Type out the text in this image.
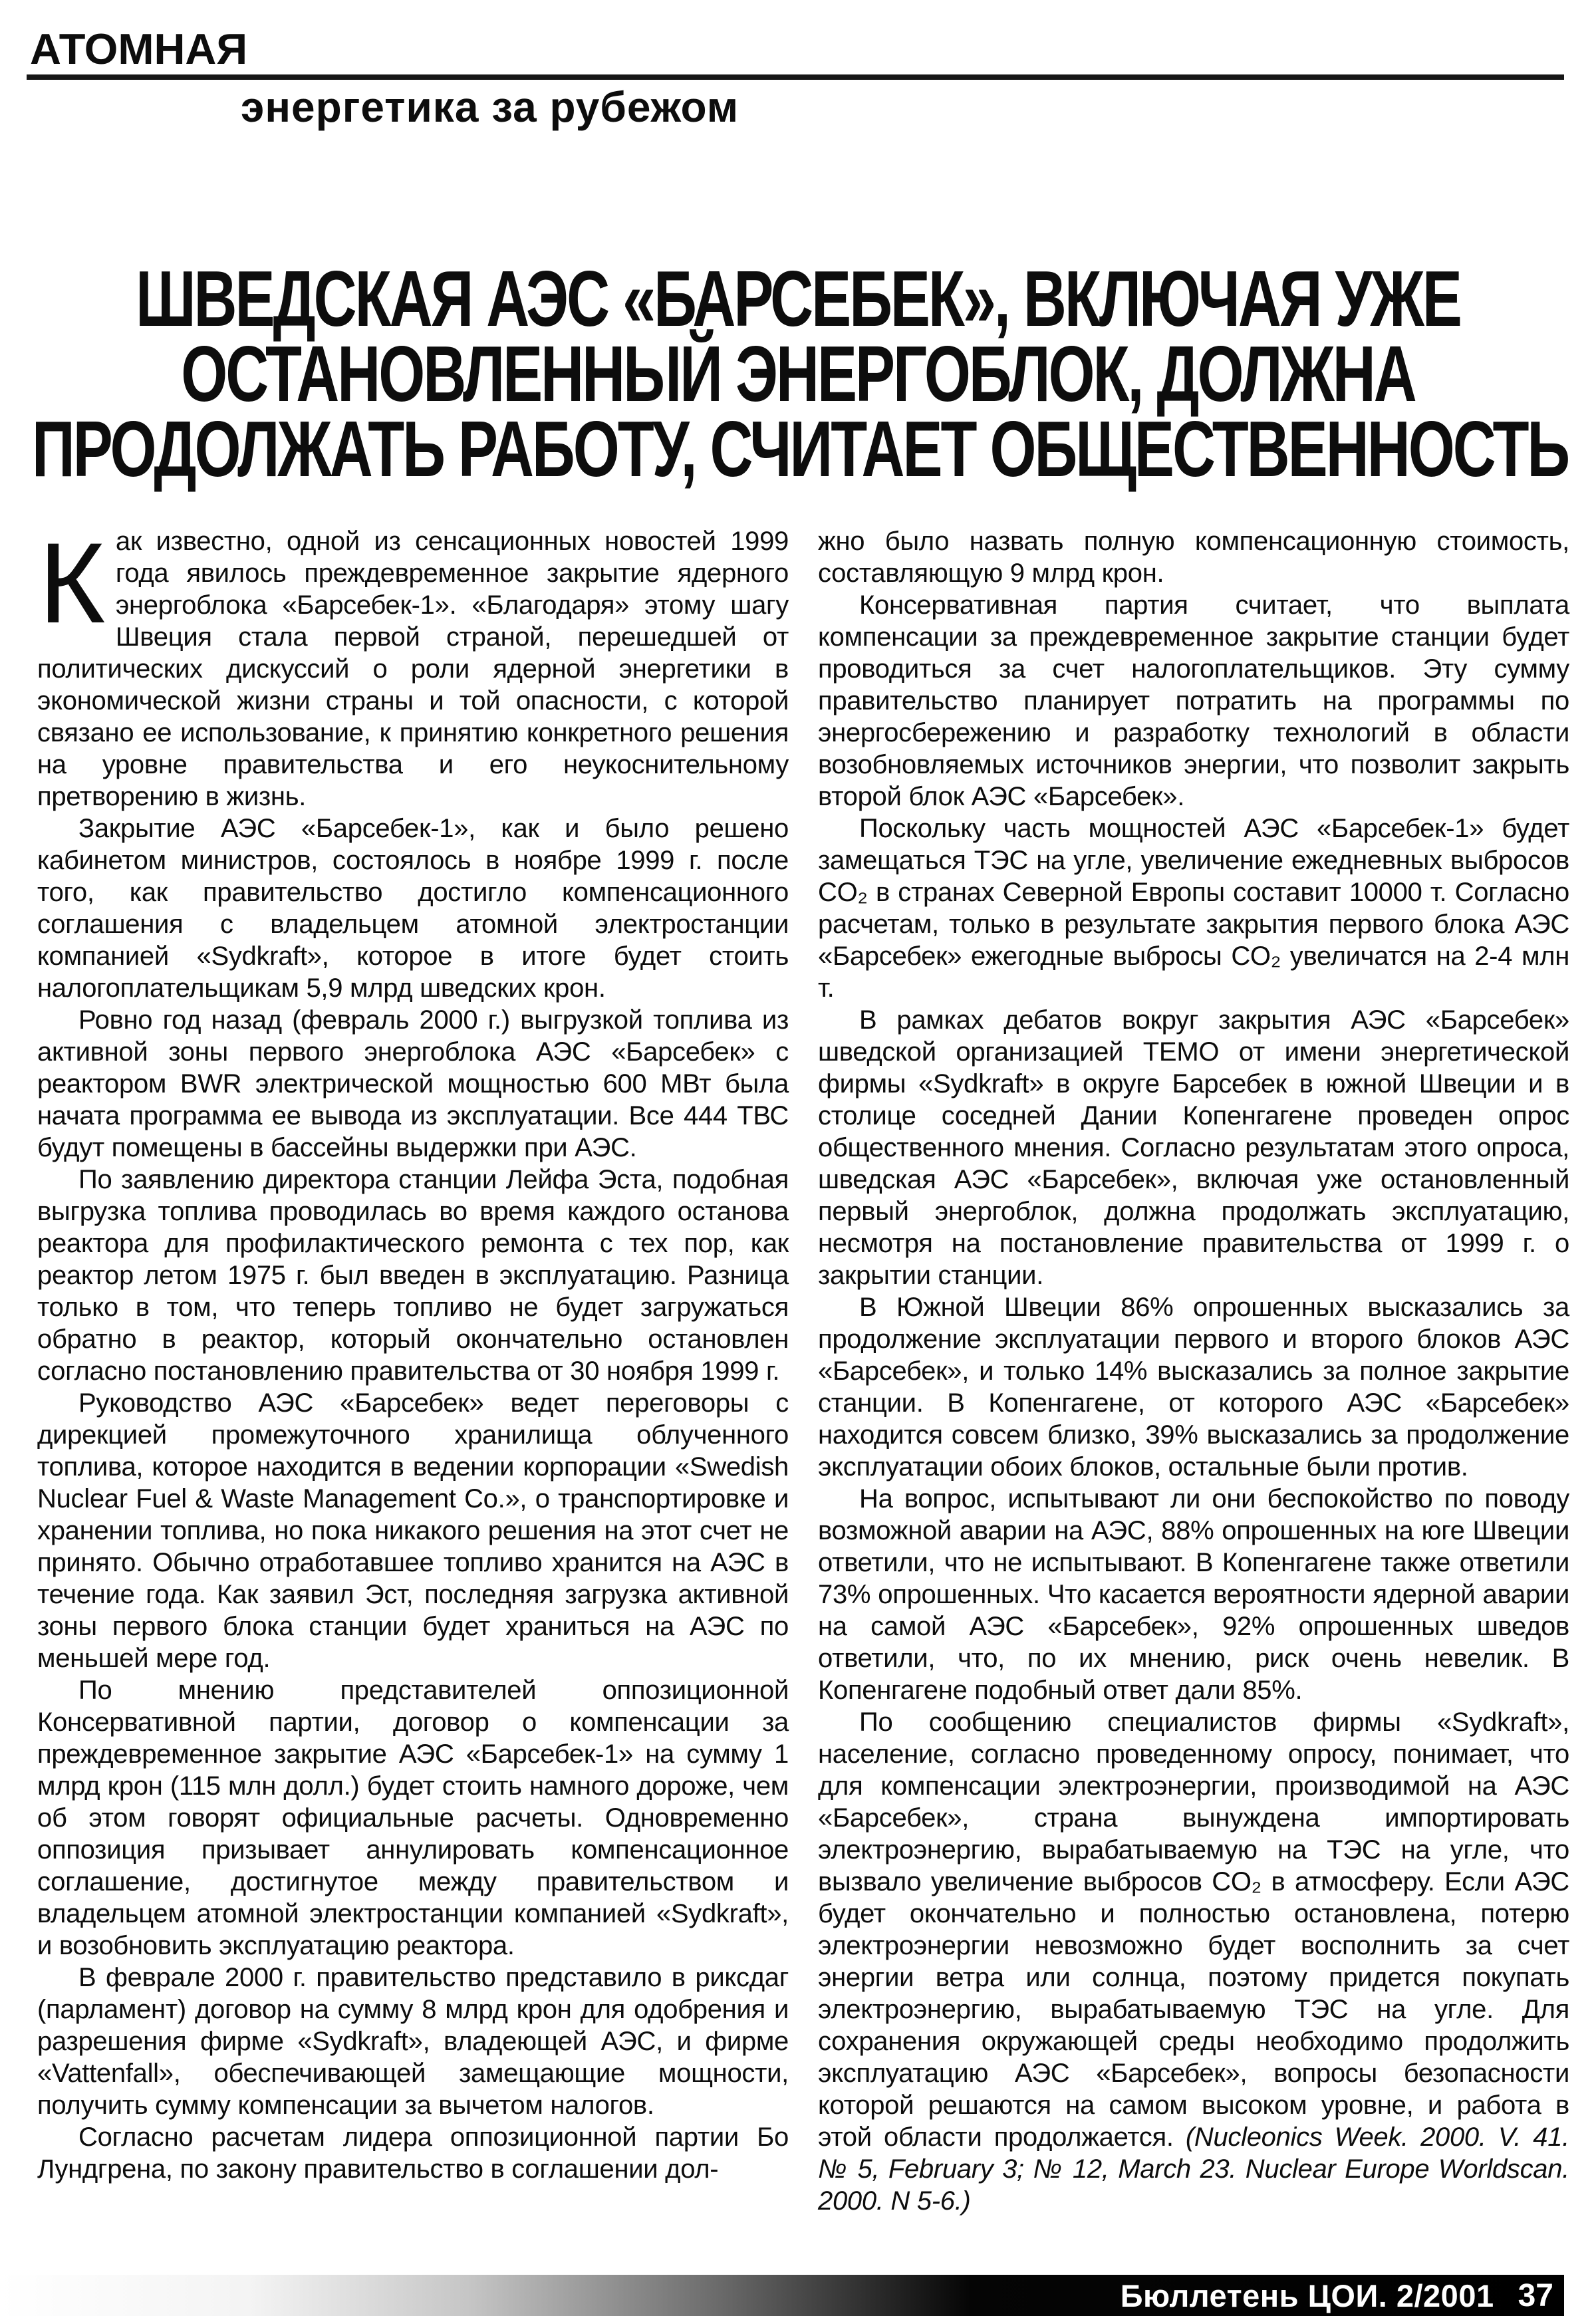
АТОМНАЯ
энергетика за рубежом
ШВЕДСКАЯ АЭС «БАРСЕБЕК», ВКЛЮЧАЯ УЖЕ
ОСТАНОВЛЕННЫЙ ЭНЕРГОБЛОК, ДОЛЖНА
ПРОДОЛЖАТЬ РАБОТУ, СЧИТАЕТ ОБЩЕСТВЕННОСТЬ

Как известно, одной из сенсационных новостей 1999 года явилось преждевременное закрытие ядерного энергоблока «Барсебек-1». «Благодаря» этому шагу Швеция стала первой страной, перешедшей от политических дискуссий о роли ядерной энергетики в экономической жизни страны и той опасности, с которой связано ее использование, к принятию конкретного решения на уровне правительства и его неукоснительному претворению в жизнь.

Закрытие АЭС «Барсебек-1», как и было решено кабинетом министров, состоялось в ноябре 1999 г. после того, как правительство достигло компенсационного соглашения с владельцем атомной электростанции компанией «Sydkraft», которое в итоге будет стоить налогоплательщикам 5,9 млрд шведских крон.

Ровно год назад (февраль 2000 г.) выгрузкой топлива из активной зоны первого энергоблока АЭС «Барсебек» с реактором BWR электрической мощностью 600 МВт была начата программа ее вывода из эксплуатации. Все 444 ТВС будут помещены в бассейны выдержки при АЭС.

По заявлению директора станции Лейфа Эста, подобная выгрузка топлива проводилась во время каждого останова реактора для профилактического ремонта с тех пор, как реактор летом 1975 г. был введен в эксплуатацию. Разница только в том, что теперь топливо не будет загружаться обратно в реактор, который окончательно остановлен согласно постановлению правительства от 30 ноября 1999 г.

Руководство АЭС «Барсебек» ведет переговоры с дирекцией промежуточного хранилища облученного топлива, которое находится в ведении корпорации «Swedish Nuclear Fuel & Waste Management Co.», о транспортировке и хранении топлива, но пока никакого решения на этот счет не принято. Обычно отработавшее топливо хранится на АЭС в течение года. Как заявил Эст, последняя загрузка активной зоны первого блока станции будет храниться на АЭС по меньшей мере год.

По мнению представителей оппозиционной Консервативной партии, договор о компенсации за преждевременное закрытие АЭС «Барсебек-1» на сумму 1 млрд крон (115 млн долл.) будет стоить намного дороже, чем об этом говорят официальные расчеты. Одновременно оппозиция призывает аннулировать компенсационное соглашение, достигнутое между правительством и владельцем атомной электростанции компанией «Sydkraft», и возобновить эксплуатацию реактора.

В феврале 2000 г. правительство представило в риксдаг (парламент) договор на сумму 8 млрд крон для одобрения и разрешения фирме «Sydkraft», владеющей АЭС, и фирме «Vattenfall», обеспечивающей замещающие мощности, получить сумму компенсации за вычетом налогов.

Согласно расчетам лидера оппозиционной партии Бо Лундгрена, по закону правительство в соглашении дол-

жно было назвать полную компенсационную стоимость, составляющую 9 млрд крон.

Консервативная партия считает, что выплата компенсации за преждевременное закрытие станции будет проводиться за счет налогоплательщиков. Эту сумму правительство планирует потратить на программы по энергосбережению и разработку технологий в области возобновляемых источников энергии, что позволит закрыть второй блок АЭС «Барсебек».

Поскольку часть мощностей АЭС «Барсебек-1» будет замещаться ТЭС на угле, увеличение ежедневных выбросов CO₂ в странах Северной Европы составит 10000 т. Согласно расчетам, только в результате закрытия первого блока АЭС «Барсебек» ежегодные выбросы CO₂ увеличатся на 2-4 млн т.

В рамках дебатов вокруг закрытия АЭС «Барсебек» шведской организацией TEMO от имени энергетической фирмы «Sydkraft» в округе Барсебек в южной Швеции и в столице соседней Дании Копенгагене проведен опрос общественного мнения. Согласно результатам этого опроса, шведская АЭС «Барсебек», включая уже остановленный первый энергоблок, должна продолжать эксплуатацию, несмотря на постановление правительства от 1999 г. о закрытии станции.

В Южной Швеции 86% опрошенных высказались за продолжение эксплуатации первого и второго блоков АЭС «Барсебек», и только 14% высказались за полное закрытие станции. В Копенгагене, от которого АЭС «Барсебек» находится совсем близко, 39% высказались за продолжение эксплуатации обоих блоков, остальные были против.

На вопрос, испытывают ли они беспокойство по поводу возможной аварии на АЭС, 88% опрошенных на юге Швеции ответили, что не испытывают. В Копенгагене также ответили 73% опрошенных. Что касается вероятности ядерной аварии на самой АЭС «Барсебек», 92% опрошенных шведов ответили, что, по их мнению, риск очень невелик. В Копенгагене подобный ответ дали 85%.

По сообщению специалистов фирмы «Sydkraft», население, согласно проведенному опросу, понимает, что для компенсации электроэнергии, производимой на АЭС «Барсебек», страна вынуждена импортировать электроэнергию, вырабатываемую на ТЭС на угле, что вызвало увеличение выбросов CO₂ в атмосферу. Если АЭС будет окончательно и полностью остановлена, потерю электроэнергии невозможно будет восполнить за счет энергии ветра или солнца, поэтому придется покупать электроэнергию, вырабатываемую ТЭС на угле. Для сохранения окружающей среды необходимо продолжить эксплуатацию АЭС «Барсебек», вопросы безопасности которой решаются на самом высоком уровне, и работа в этой области продолжается. (Nucleonics Week. 2000. V. 41. № 5, February 3; № 12, March 23. Nuclear Europe Worldscan. 2000. N 5-6.)

Бюллетень ЦОИ. 2/2001 37
